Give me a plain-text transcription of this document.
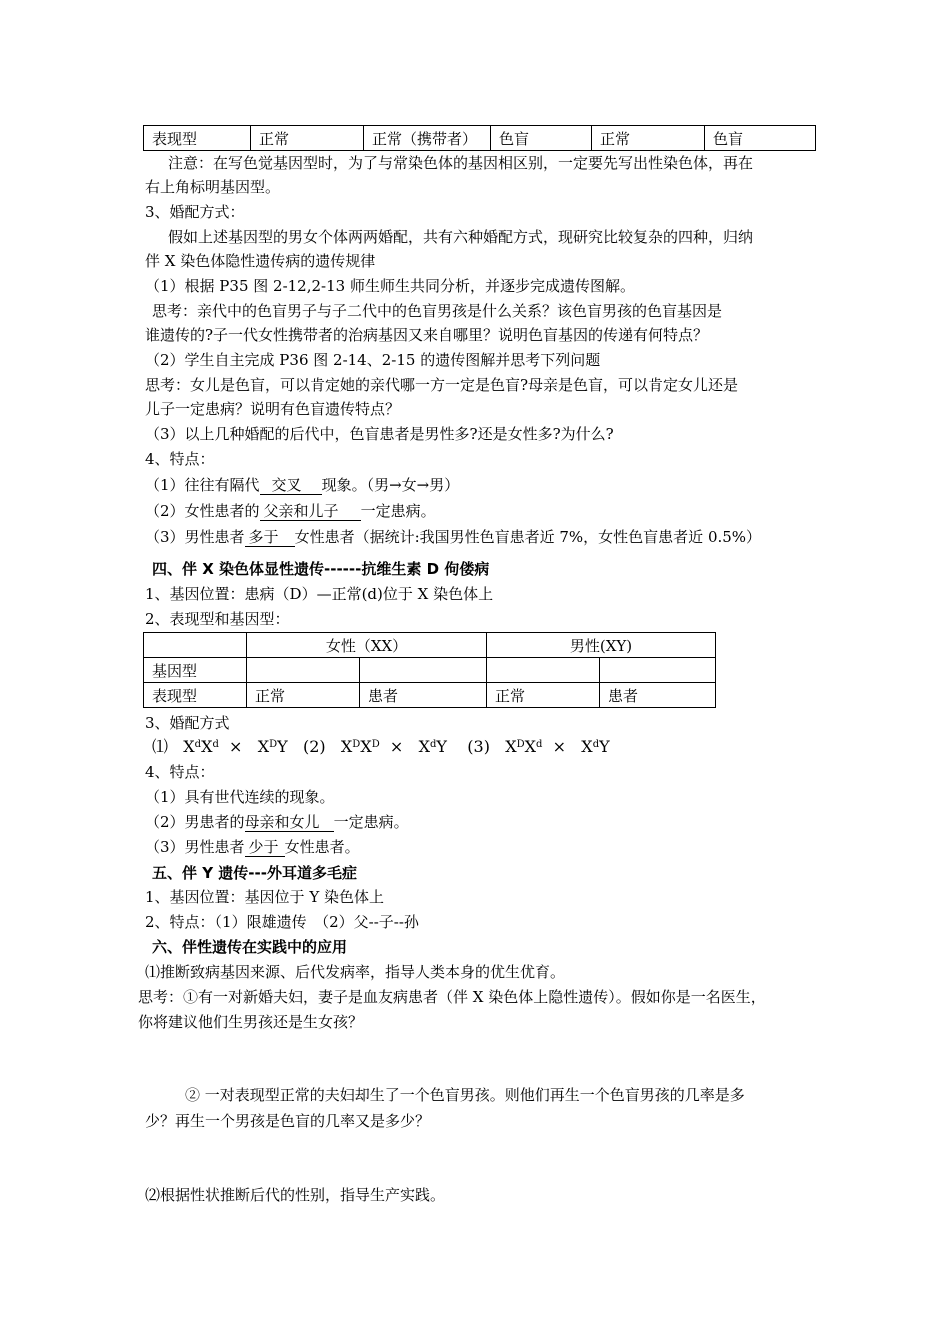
表现型	正常	正常（携带者）	色盲	正常	色盲
注意：在写色觉基因型时，为了与常染色体的基因相区别，一定要先写出性染色体，再在
右上角标明基因型。
3、婚配方式：
假如上述基因型的男女个体两两婚配，共有六种婚配方式，现研究比较复杂的四种，归纳
伴 X 染色体隐性遗传病的遗传规律
（1）根据 P35 图 2-12,2-13 师生师生共同分析，并逐步完成遗传图解。
思考：亲代中的色盲男子与子二代中的色盲男孩是什么关系？该色盲男孩的色盲基因是
谁遗传的?子一代女性携带者的治病基因又来自哪里？说明色盲基因的传递有何特点？
（2）学生自主完成 P36 图 2-14、2-15 的遗传图解并思考下列问题
思考：女儿是色盲，可以肯定她的亲代哪一方一定是色盲?母亲是色盲，可以肯定女儿还是
儿子一定患病？说明有色盲遗传特点？
（3）以上几种婚配的后代中，色盲患者是男性多?还是女性多?为什么?
4、特点：
（1）往往有隔代 交叉 现象。（男→女→男）
（2）女性患者的 父亲和儿子 一定患病。
（3）男性患者 多于 女性患者（据统计:我国男性色盲患者近 7%，女性色盲患者近 0.5%）
四、伴 X 染色体显性遗传------抗维生素 D 佝偻病
1、基因位置：患病（D）—正常(d)位于 X 染色体上
2、表现型和基因型：
	女性（XX）		男性(XY)	
基因型				
表现型	正常	患者	正常	患者
3、婚配方式
⑴ $X^dX^d \times X^DY$ (2) $X^DX^D \times X^dY$ (3) $X^DX^d \times X^dY$
4、特点：
（1）具有世代连续的现象。
（2）男患者的母亲和女儿 一定患病。
（3）男性患者 少于 女性患者。
五、伴 Y 遗传---外耳道多毛症
1、基因位置：基因位于 Y 染色体上
2、特点：（1）限雄遗传　（2）父--子--孙
六、伴性遗传在实践中的应用
⑴推断致病基因来源、后代发病率，指导人类本身的优生优育。
思考：①有一对新婚夫妇，妻子是血友病患者（伴 X 染色体上隐性遗传）。假如你是一名医生，
你将建议他们生男孩还是生女孩？
② 一对表现型正常的夫妇却生了一个色盲男孩。则他们再生一个色盲男孩的几率是多
少？再生一个男孩是色盲的几率又是多少？
⑵根据性状推断后代的性别，指导生产实践。
